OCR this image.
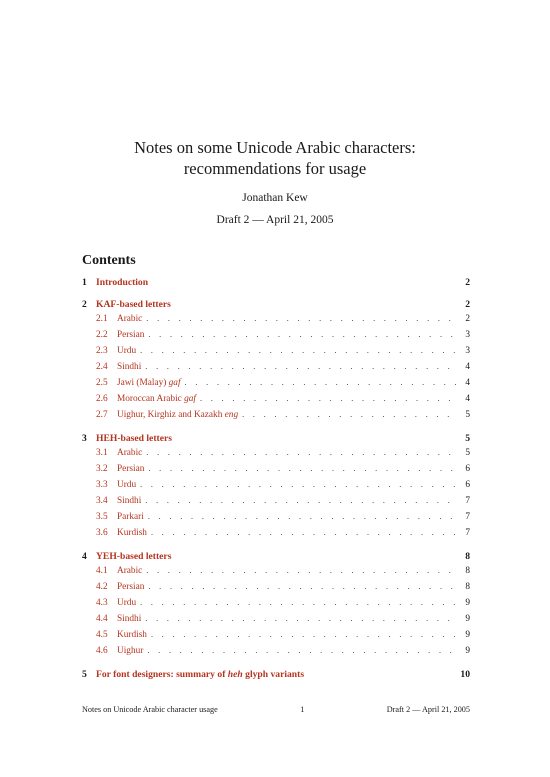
Notes on some Unicode Arabic characters:
recommendations for usage
Jonathan Kew
Draft 2 — April 21, 2005
Contents
1 Introduction	2
2 KAF-based letters	2
2.1	Arabic . . .	2
2.2	Persian . . .	3
2.3	Urdu . . .	3
2.4	Sindhi . . .	4
2.5	Jawi (Malay) gaf . . .	4
2.6	Moroccan Arabic gaf . . .	4
2.7	Uighur, Kirghiz and Kazakh eng . . .	5
3 HEH-based letters	5
3.1	Arabic . . .	5
3.2	Persian . . .	6
3.3	Urdu . . .	6
3.4	Sindhi . . .	7
3.5	Parkari . . .	7
3.6	Kurdish . . .	7
4 YEH-based letters	8
4.1	Arabic . . .	8
4.2	Persian . . .	8
4.3	Urdu . . .	9
4.4	Sindhi . . .	9
4.5	Kurdish . . .	9
4.6	Uighur . . .	9
5 For font designers: summary of heh glyph variants	10
Notes on Unicode Arabic character usage	1	Draft 2 — April 21, 2005
